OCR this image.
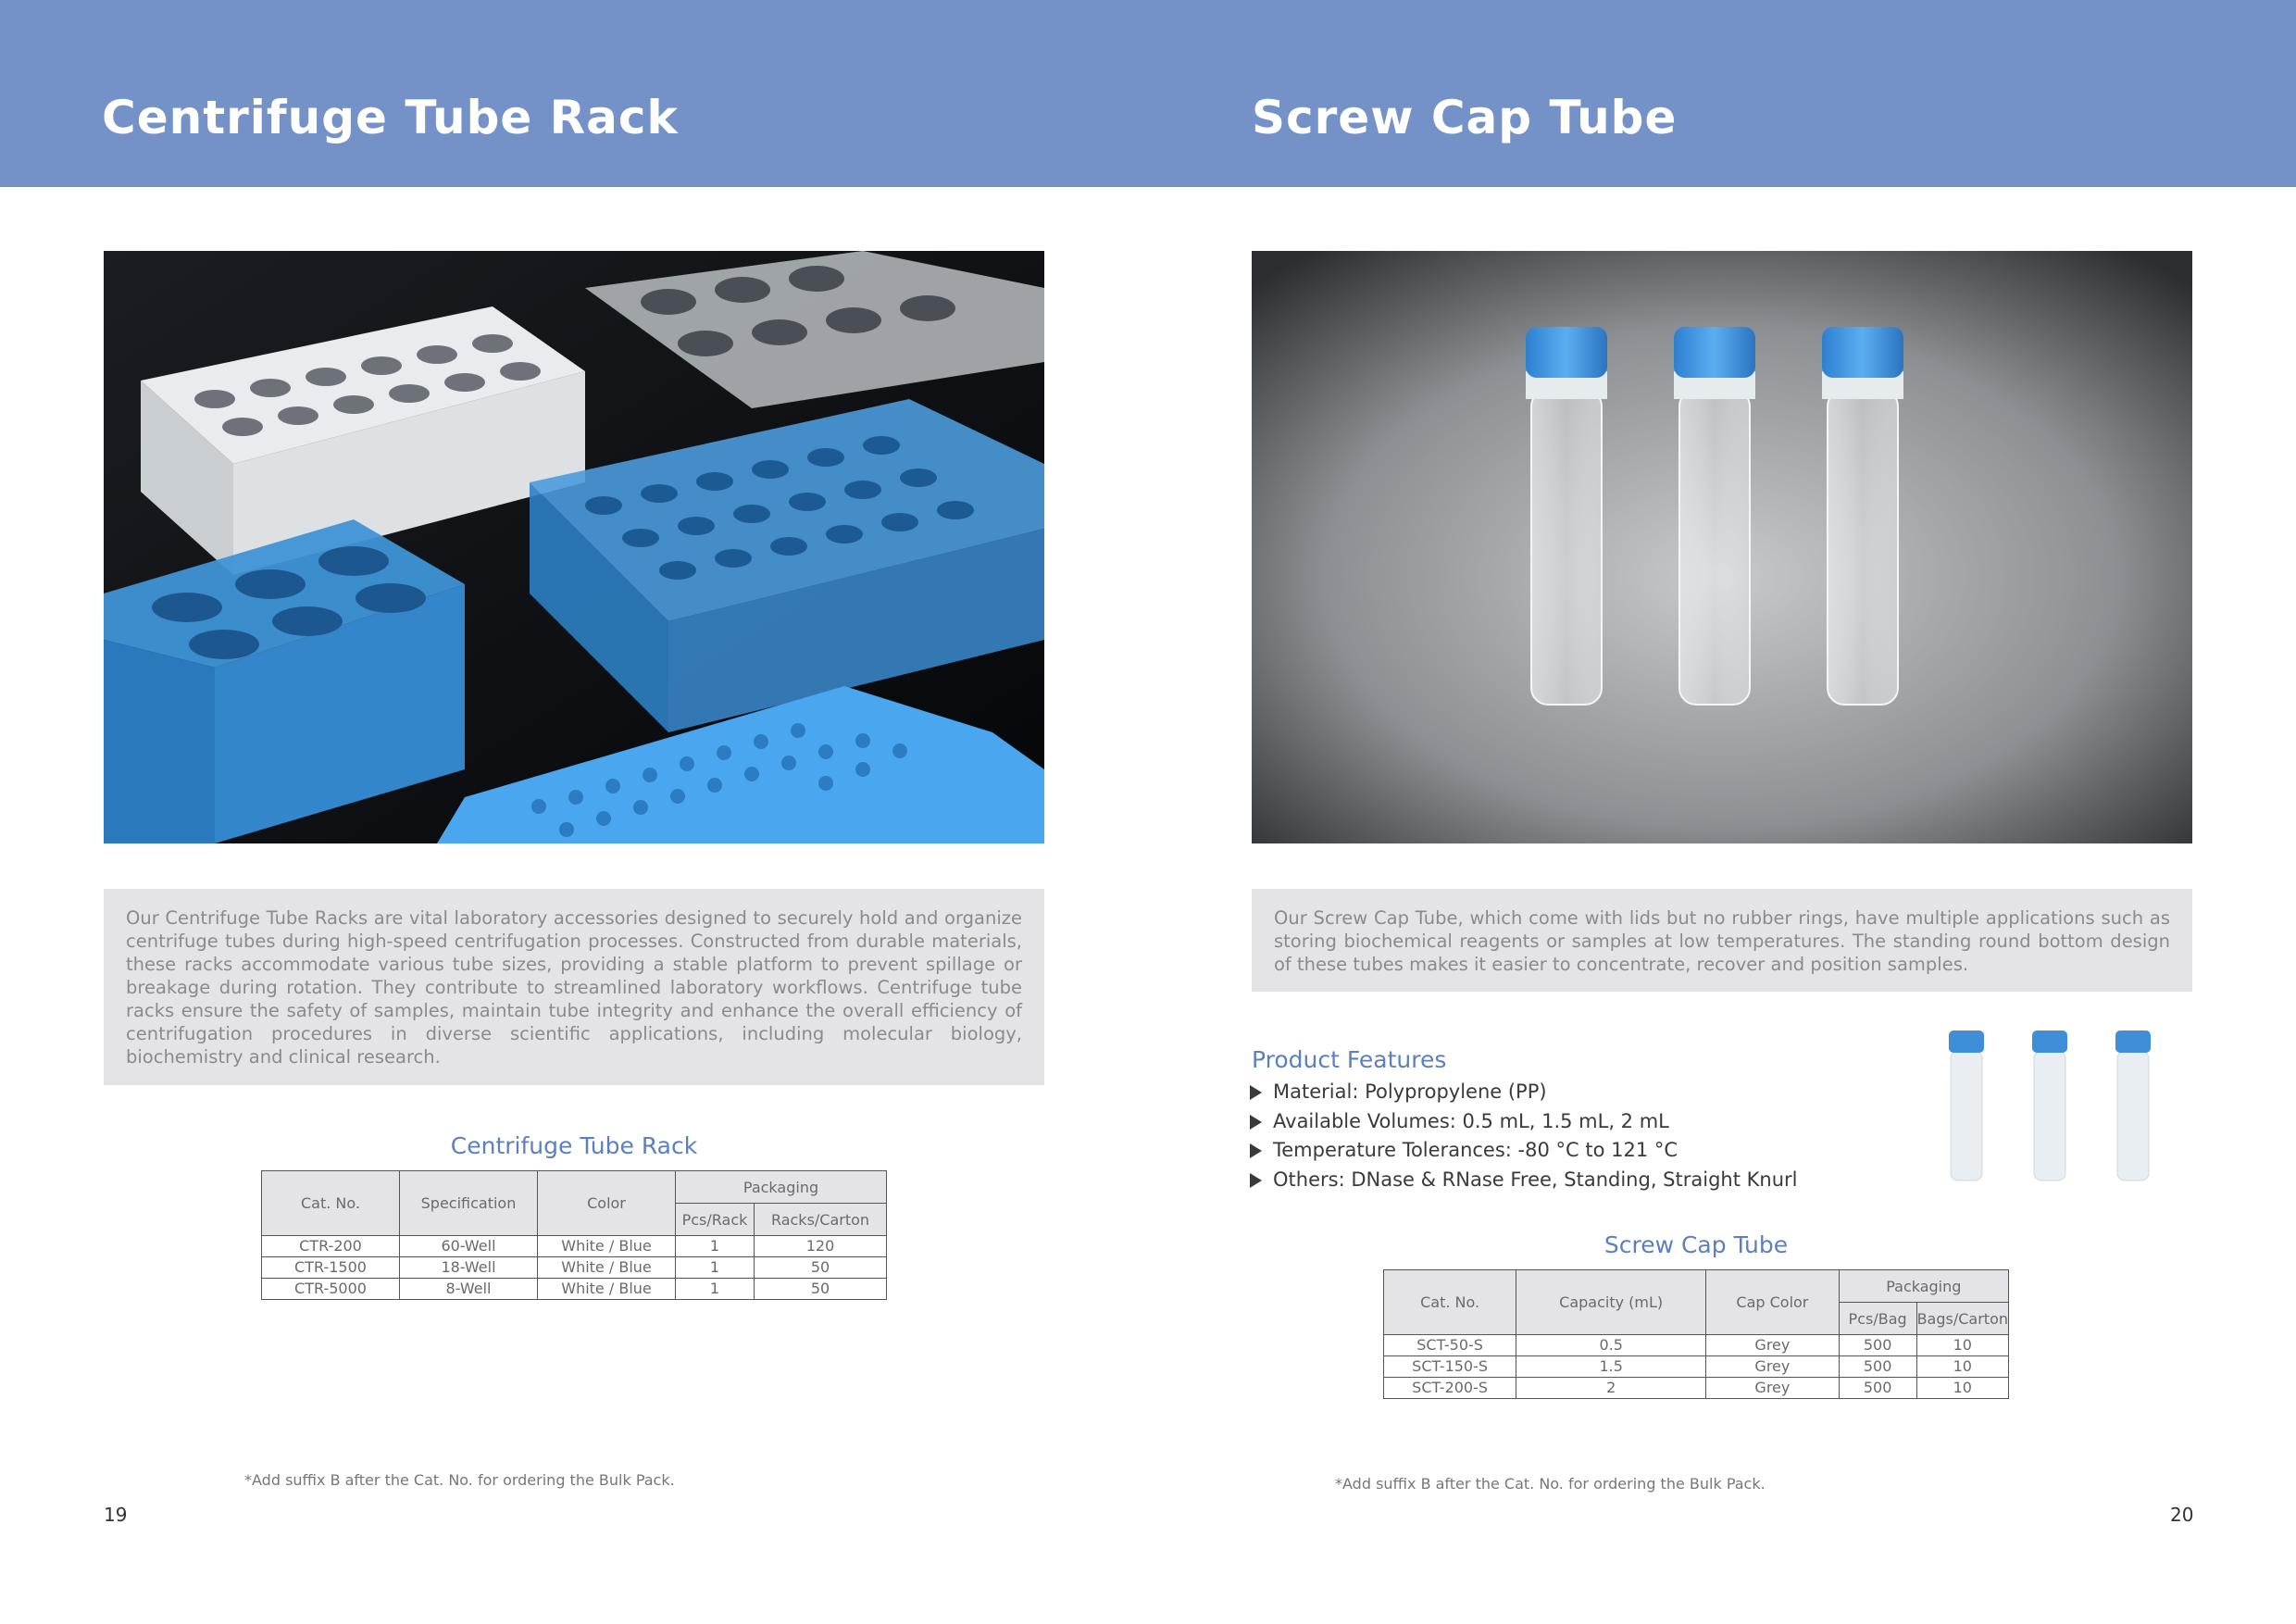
Centrifuge Tube Rack	Screw Cap Tube
Our Centrifuge Tube Racks are vital laboratory accessories designed to securely hold and organize centrifuge tubes during high-speed centrifugation processes. Constructed from durable materials, these racks accommodate various tube sizes, providing a stable platform to prevent spillage or breakage during rotation. They contribute to streamlined laboratory workflows. Centrifuge tube racks ensure the safety of samples, maintain tube integrity and enhance the overall efficiency of centrifugation procedures in diverse scientific applications, including molecular biology, biochemistry and clinical research.
Our Screw Cap Tube, which come with lids but no rubber rings, have multiple applications such as storing biochemical reagents or samples at low temperatures. The standing round bottom design of these tubes makes it easier to concentrate, recover and position samples.
Centrifuge Tube Rack
Cat. No.	Specification	Color	Packaging	
			Pcs/Rack	Racks/Carton
CTR-200	60-Well	White / Blue	1	120
CTR-1500	18-Well	White / Blue	1	50
CTR-5000	8-Well	White / Blue	1	50
Product Features
Material: Polypropylene (PP)
Available Volumes: 0.5 mL, 1.5 mL, 2 mL
Temperature Tolerances: -80 °C to 121 °C
Others: DNase & RNase Free, Standing, Straight Knurl
Screw Cap Tube
Cat. No.	Capacity (mL)	Cap Color	Packaging	
			Pcs/Bag	Bags/Carton
SCT-50-S	0.5	Grey	500	10
SCT-150-S	1.5	Grey	500	10
SCT-200-S	2	Grey	500	10
*Add suffix B after the Cat. No. for ordering the Bulk Pack.	*Add suffix B after the Cat. No. for ordering the Bulk Pack.
19	20
